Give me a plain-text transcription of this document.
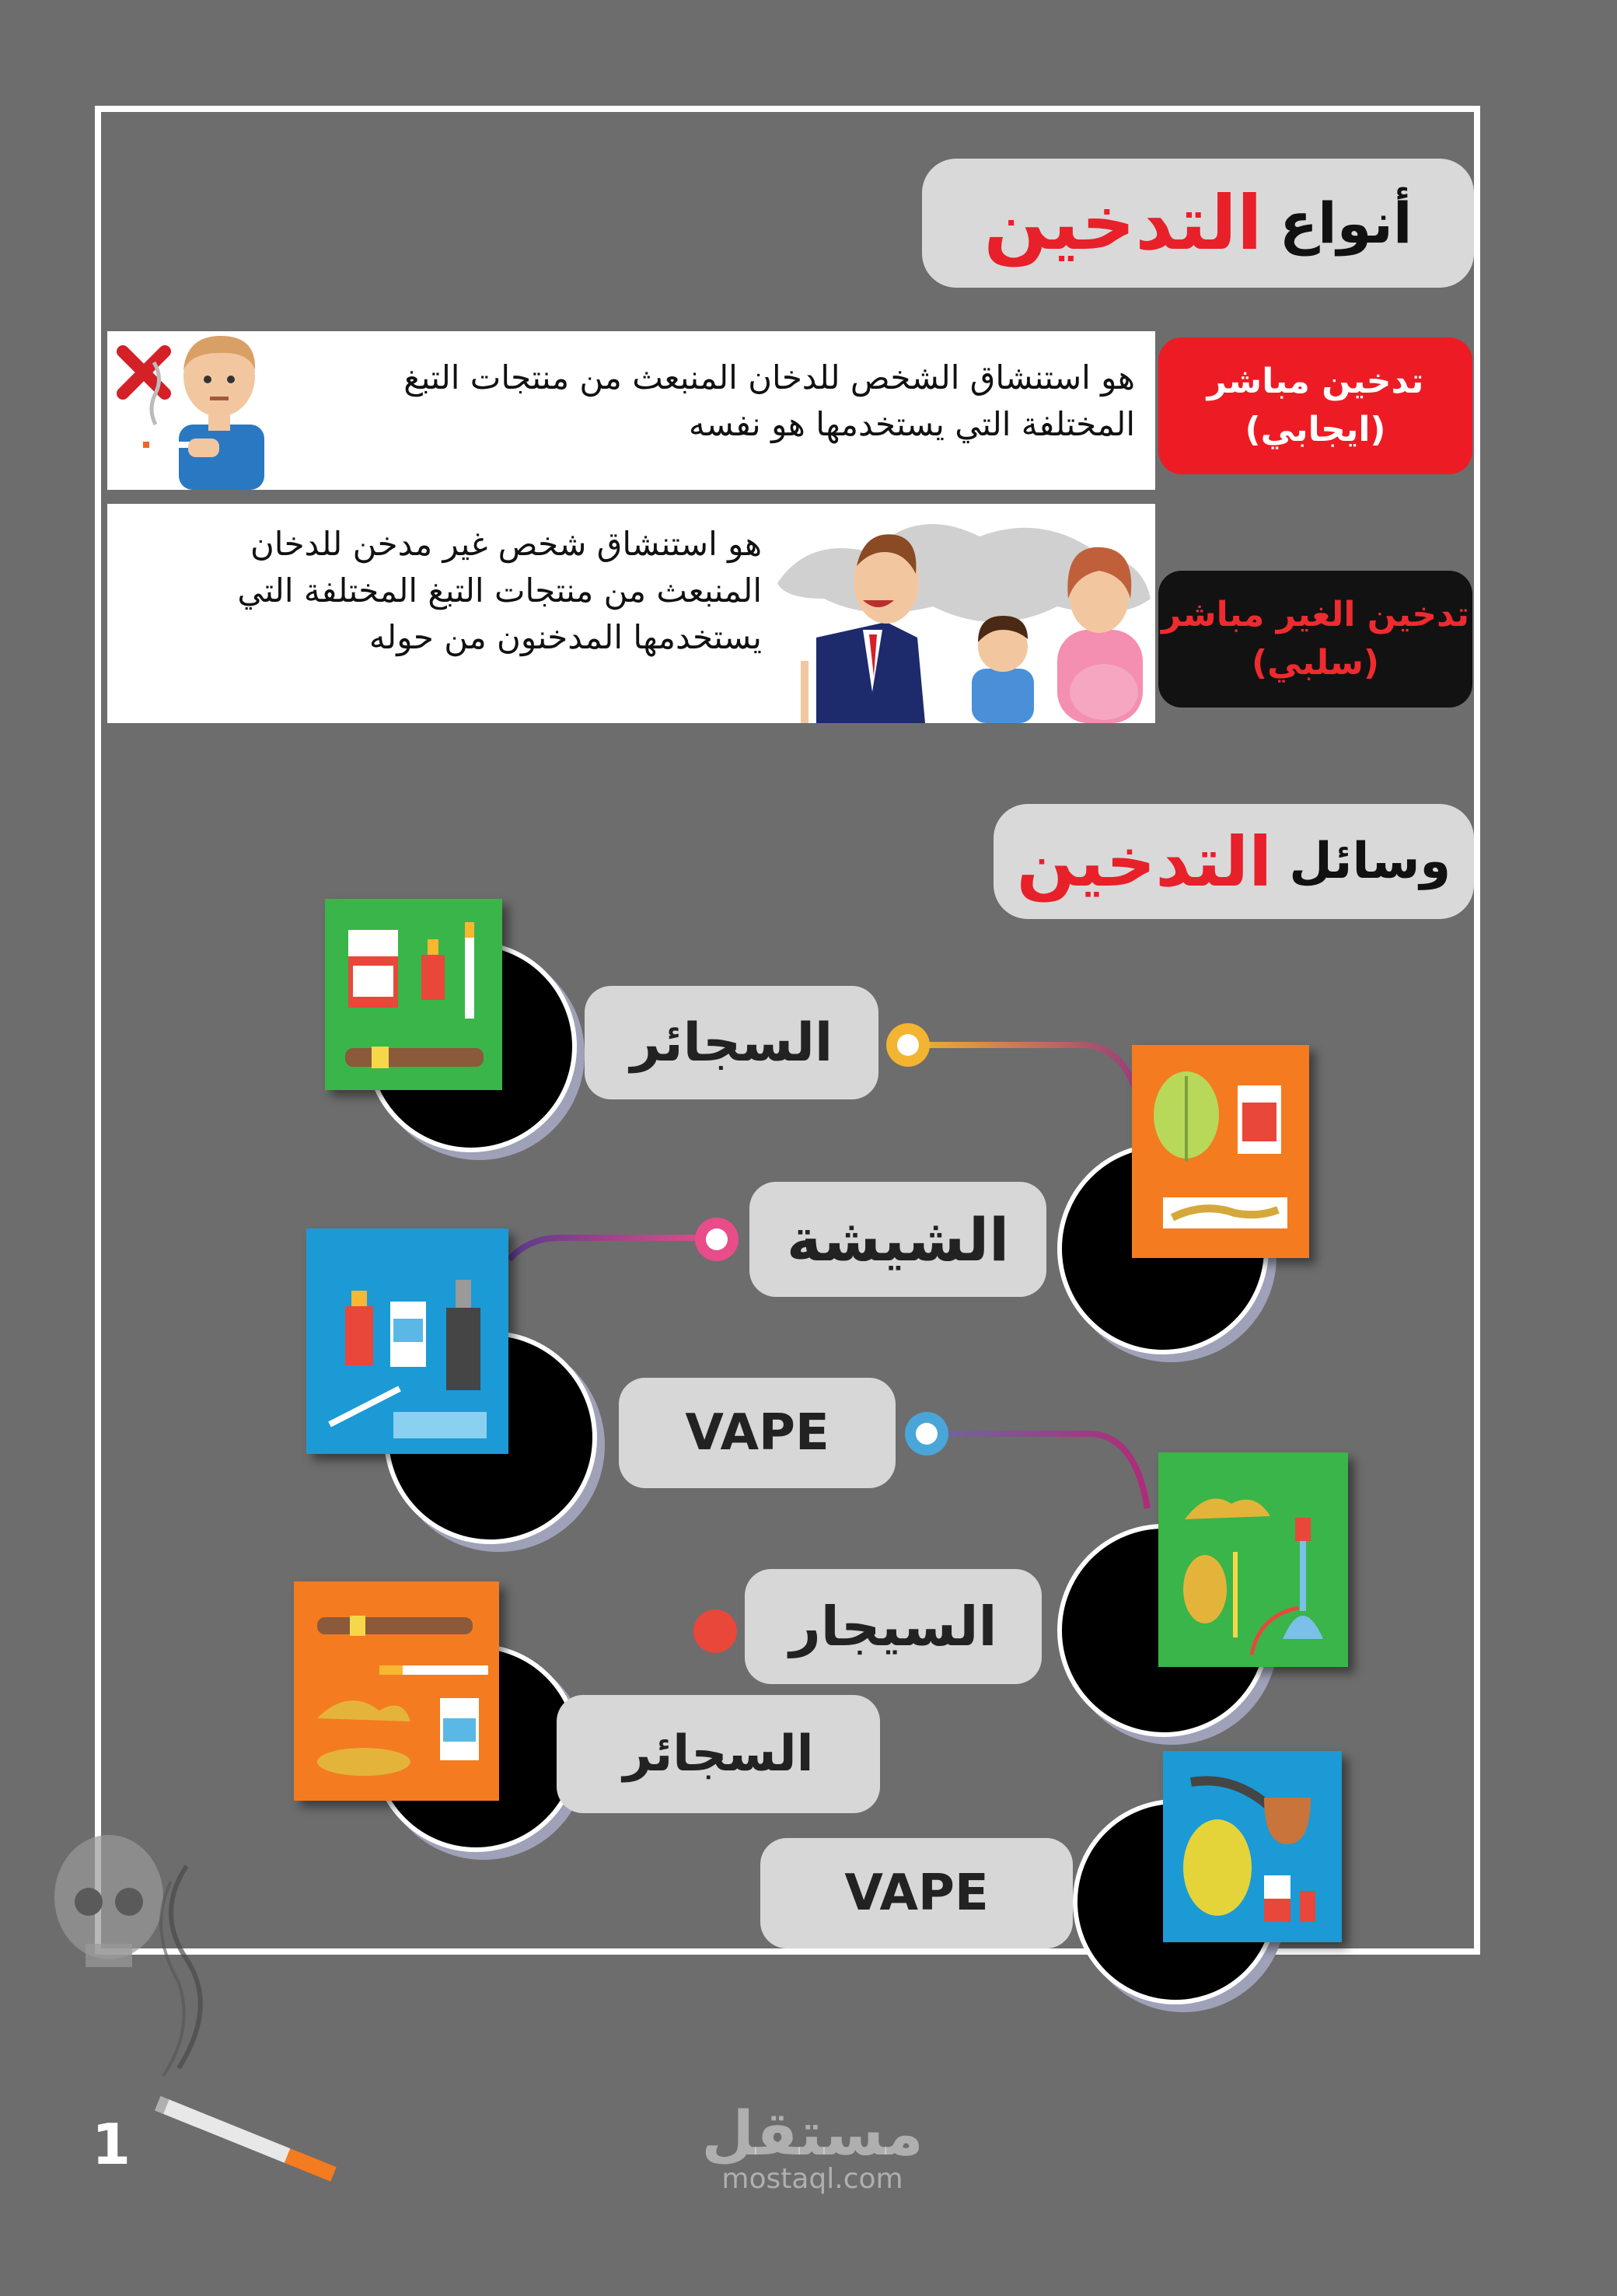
أنواع
التدخين
تدخين مباشر
(ايجابي)
هو استنشاق الشخص للدخان المنبعث من منتجات التبغ
المختلفة التي يستخدمها هو نفسه
تدخين الغير مباشر
(سلبي)
هو استنشاق شخص غير مدخن للدخان
المنبعث من منتجات التبغ المختلفة التي
يستخدمها المدخنون من حوله
وسائل
التدخين
السجائر
الشيشة
VAPE
السيجار
السجائر
VAPE
1	مستقل
mostaql.com
